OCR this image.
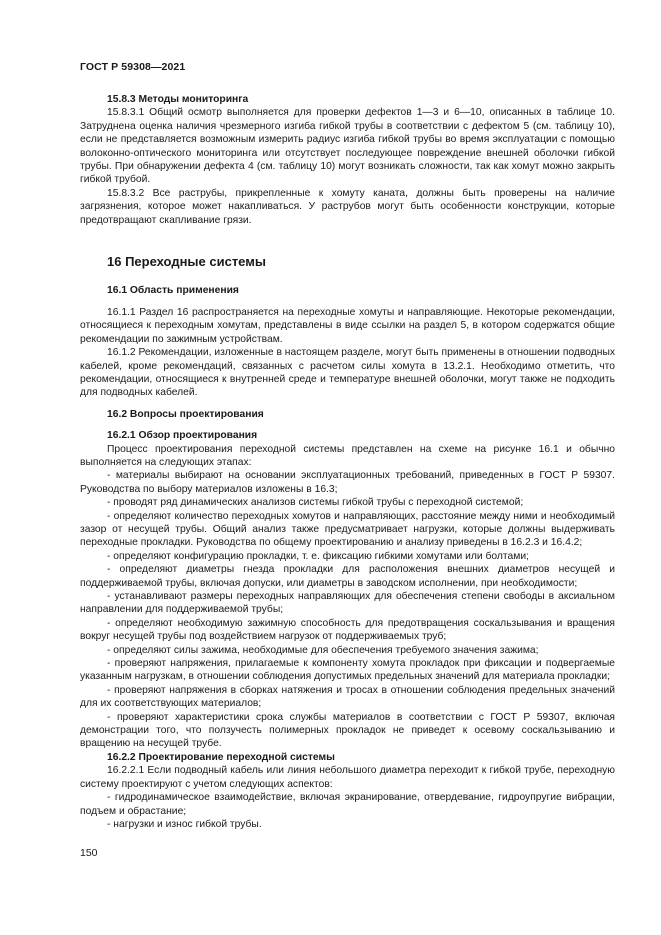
ГОСТ Р 59308—2021
15.8.3 Методы мониторинга

15.8.3.1 Общий осмотр выполняется для проверки дефектов 1—3 и 6—10, описанных в таблице 10. Затруднена оценка наличия чрезмерного изгиба гибкой трубы в соответствии с дефектом 5 (см. таблицу 10), если не представляется возможным измерить радиус изгиба гибкой трубы во время эксплуатации с помощью волоконно-оптического мониторинга или отсутствует последующее повреждение внешней оболочки гибкой трубы. При обнаружении дефекта 4 (см. таблицу 10) могут возникать сложности, так как хомут можно закрыть гибкой трубой.

15.8.3.2 Все раструбы, прикрепленные к хомуту каната, должны быть проверены на наличие загрязнения, которое может накапливаться. У раструбов могут быть особенности конструкции, которые предотвращают скапливание грязи.

16 Переходные системы
16.1 Область применения

16.1.1 Раздел 16 распространяется на переходные хомуты и направляющие. Некоторые рекомендации, относящиеся к переходным хомутам, представлены в виде ссылки на раздел 5, в котором содержатся общие рекомендации по зажимным устройствам.

16.1.2 Рекомендации, изложенные в настоящем разделе, могут быть применены в отношении подводных кабелей, кроме рекомендаций, связанных с расчетом силы хомута в 13.2.1. Необходимо отметить, что рекомендации, относящиеся к внутренней среде и температуре внешней оболочки, могут также не подходить для подводных кабелей.

16.2 Вопросы проектирования
16.2.1 Обзор проектирования

Процесс проектирования переходной системы представлен на схеме на рисунке 16.1 и обычно выполняется на следующих этапах:

- материалы выбирают на основании эксплуатационных требований, приведенных в ГОСТ Р 59307. Руководства по выбору материалов изложены в 16.3;

- проводят ряд динамических анализов системы гибкой трубы с переходной системой;

- определяют количество переходных хомутов и направляющих, расстояние между ними и необходимый зазор от несущей трубы. Общий анализ также предусматривает нагрузки, которые должны выдерживать переходные прокладки. Руководства по общему проектированию и анализу приведены в 16.2.3 и 16.4.2;

- определяют конфигурацию прокладки, т. е. фиксацию гибкими хомутами или болтами;

- определяют диаметры гнезда прокладки для расположения внешних диаметров несущей и поддерживаемой трубы, включая допуски, или диаметры в заводском исполнении, при необходимости;

- устанавливают размеры переходных направляющих для обеспечения степени свободы в аксиальном направлении для поддерживаемой трубы;

- определяют необходимую зажимную способность для предотвращения соскальзывания и вращения вокруг несущей трубы под воздействием нагрузок от поддерживаемых труб;

- определяют силы зажима, необходимые для обеспечения требуемого значения зажима;

- проверяют напряжения, прилагаемые к компоненту хомута прокладок при фиксации и подвергаемые указанным нагрузкам, в отношении соблюдения допустимых предельных значений для материала прокладки;

- проверяют напряжения в сборках натяжения и тросах в отношении соблюдения предельных значений для их соответствующих материалов;

- проверяют характеристики срока службы материалов в соответствии с ГОСТ Р 59307, включая демонстрации того, что ползучесть полимерных прокладок не приведет к осевому соскальзыванию и вращению на несущей трубе.

16.2.2 Проектирование переходной системы

16.2.2.1 Если подводный кабель или линия небольшого диаметра переходит к гибкой трубе, переходную систему проектируют с учетом следующих аспектов:

- гидродинамическое взаимодействие, включая экранирование, отвердевание, гидроупругие вибрации, подъем и обрастание;

- нагрузки и износ гибкой трубы.

150
